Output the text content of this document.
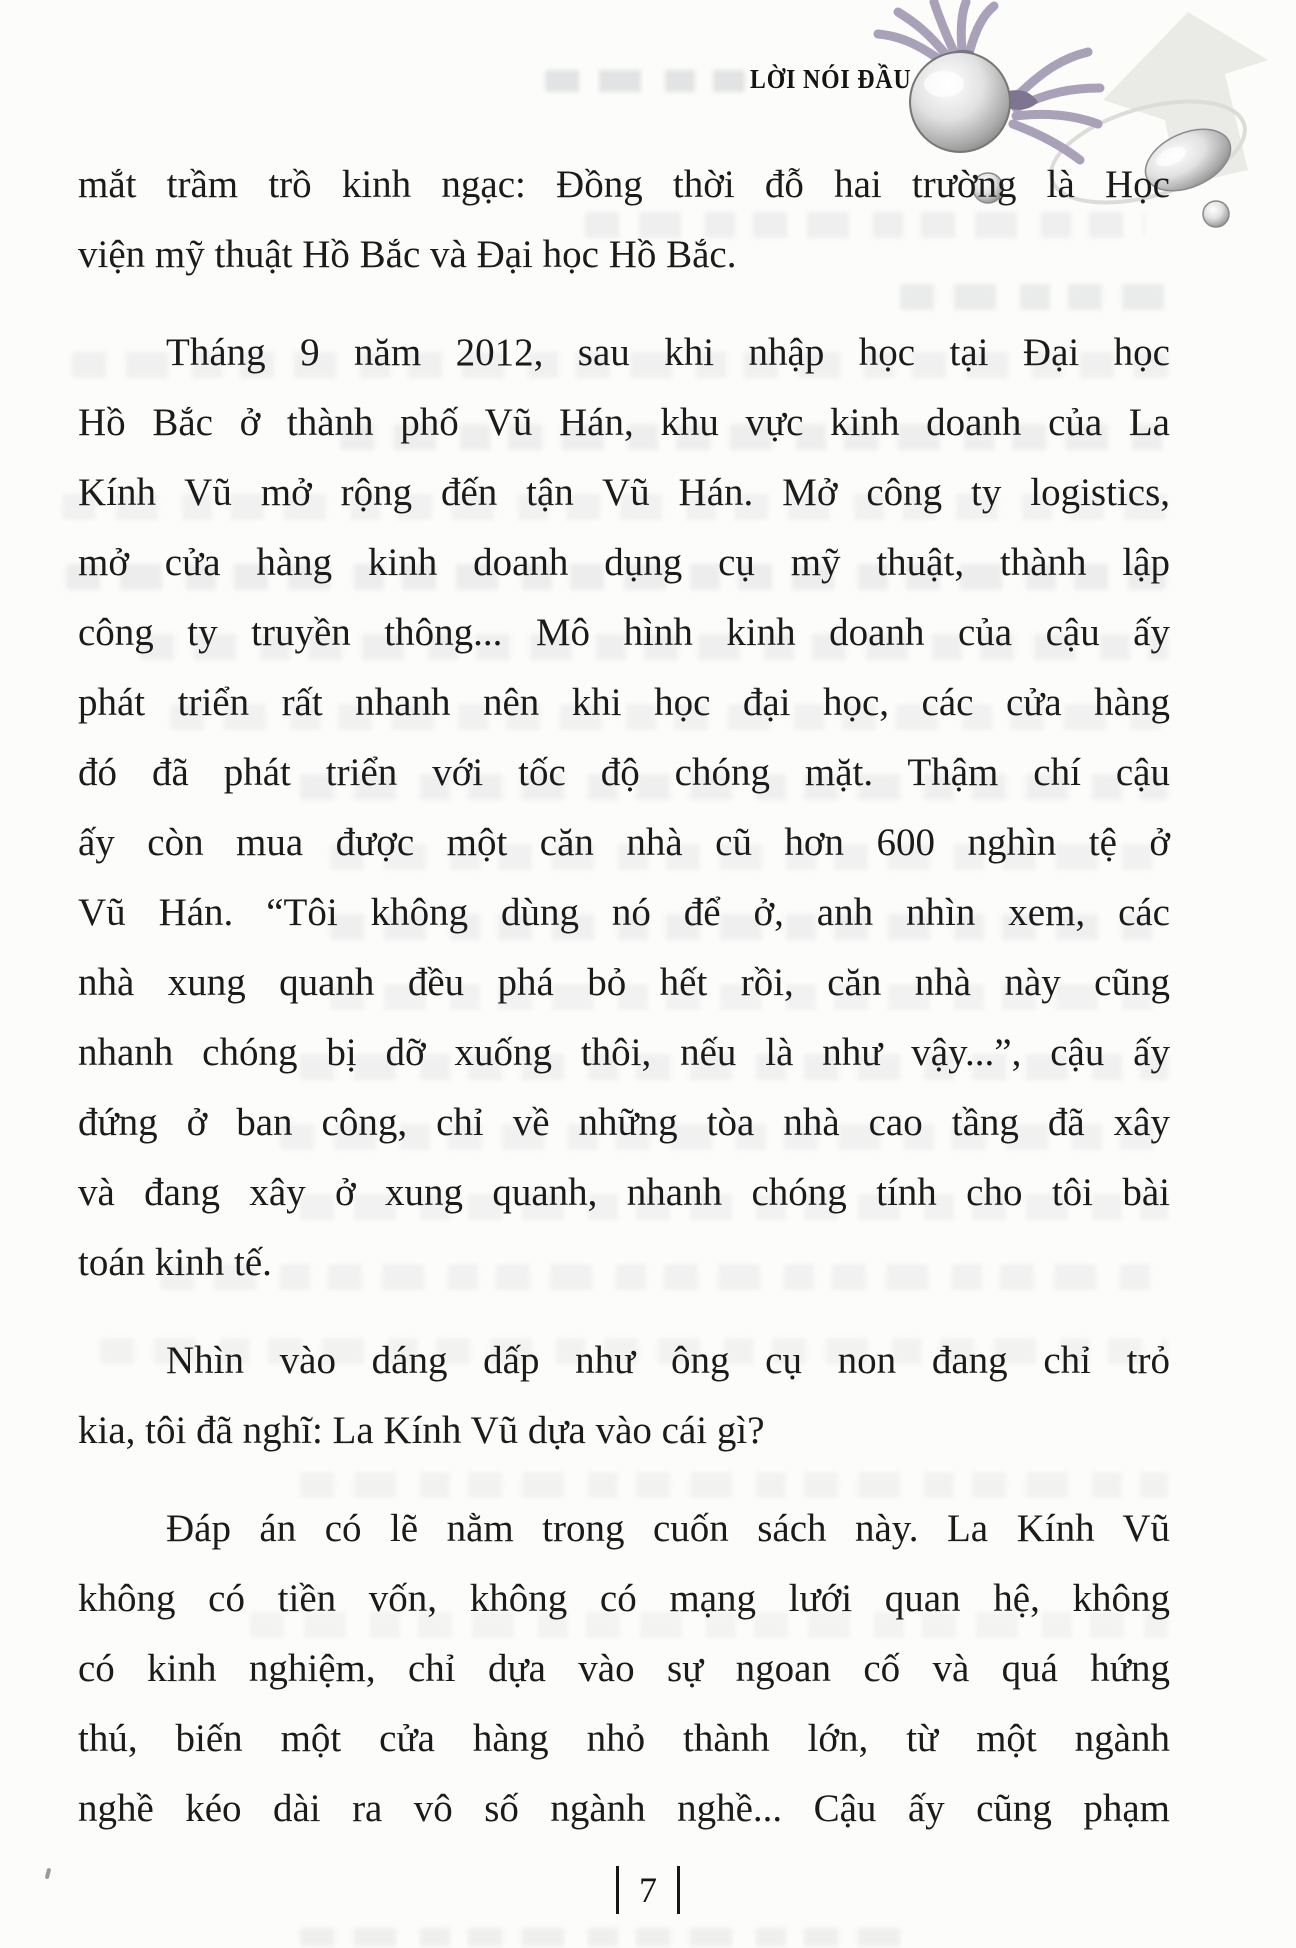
LỜI NÓI ĐẦU
mắt trầm trồ kinh ngạc: Đồng thời đỗ hai trường là Học
viện mỹ thuật Hồ Bắc và Đại học Hồ Bắc.
Tháng 9 năm 2012, sau khi nhập học tại Đại học
Hồ Bắc ở thành phố Vũ Hán, khu vực kinh doanh của La
Kính Vũ mở rộng đến tận Vũ Hán. Mở công ty logistics,
mở cửa hàng kinh doanh dụng cụ mỹ thuật, thành lập
công ty truyền thông... Mô hình kinh doanh của cậu ấy
phát triển rất nhanh nên khi học đại học, các cửa hàng
đó đã phát triển với tốc độ chóng mặt. Thậm chí cậu
ấy còn mua được một căn nhà cũ hơn 600 nghìn tệ ở
Vũ Hán. “Tôi không dùng nó để ở, anh nhìn xem, các
nhà xung quanh đều phá bỏ hết rồi, căn nhà này cũng
nhanh chóng bị dỡ xuống thôi, nếu là như vậy...”, cậu ấy
đứng ở ban công, chỉ về những tòa nhà cao tầng đã xây
và đang xây ở xung quanh, nhanh chóng tính cho tôi bài
toán kinh tế.
Nhìn vào dáng dấp như ông cụ non đang chỉ trỏ
kia, tôi đã nghĩ: La Kính Vũ dựa vào cái gì?
Đáp án có lẽ nằm trong cuốn sách này. La Kính Vũ
không có tiền vốn, không có mạng lưới quan hệ, không
có kinh nghiệm, chỉ dựa vào sự ngoan cố và quá hứng
thú, biến một cửa hàng nhỏ thành lớn, từ một ngành
nghề kéo dài ra vô số ngành nghề... Cậu ấy cũng phạm
7
